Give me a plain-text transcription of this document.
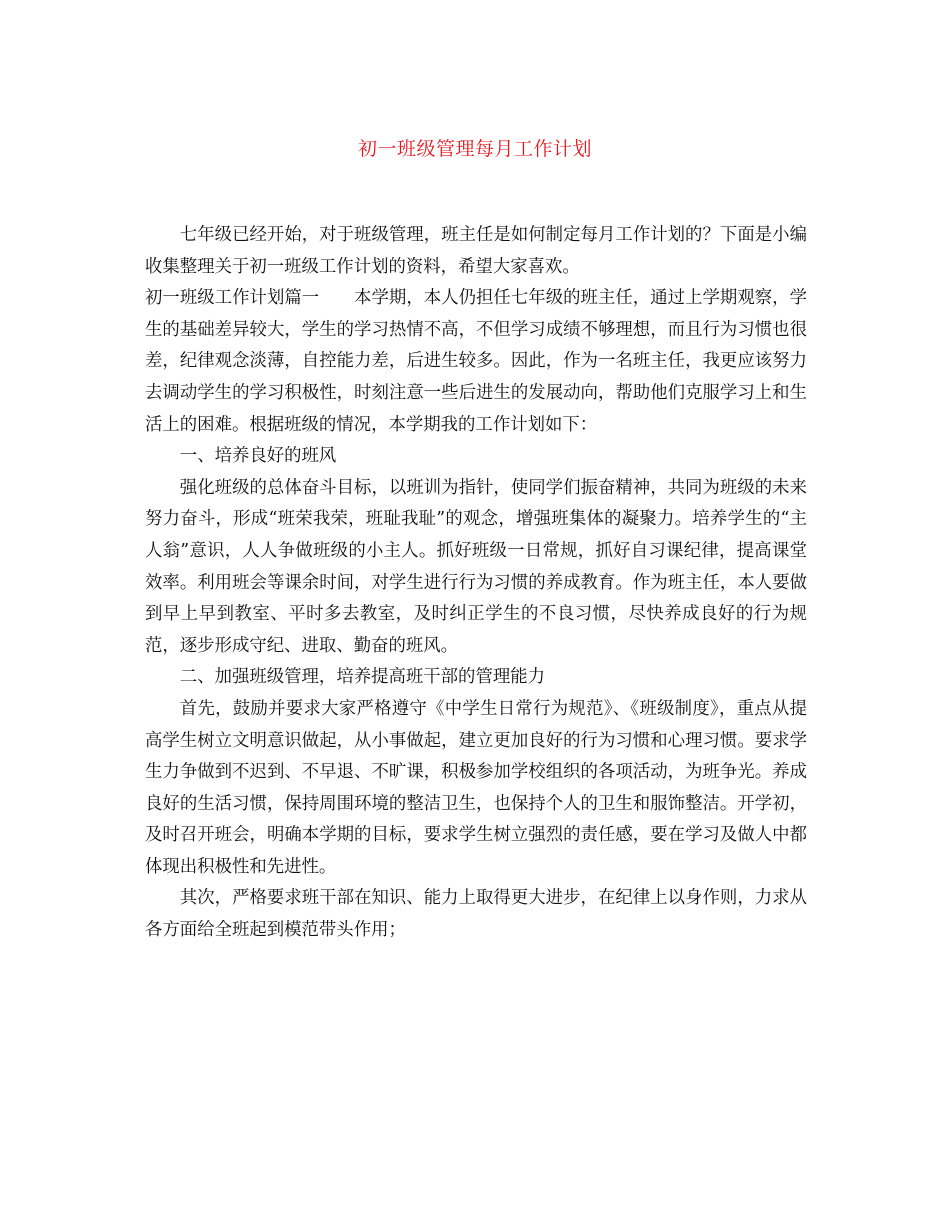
初一班级管理每月工作计划

七年级已经开始，对于班级管理，班主任是如何制定每月工作计划的？下面是小编收集整理关于初一班级工作计划的资料，希望大家喜欢。

初一班级工作计划篇一　　本学期，本人仍担任七年级的班主任，通过上学期观察，学生的基础差异较大，学生的学习热情不高，不但学习成绩不够理想，而且行为习惯也很差，纪律观念淡薄，自控能力差，后进生较多。因此，作为一名班主任，我更应该努力去调动学生的学习积极性，时刻注意一些后进生的发展动向，帮助他们克服学习上和生活上的困难。根据班级的情况，本学期我的工作计划如下：

一、培养良好的班风

强化班级的总体奋斗目标，以班训为指针，使同学们振奋精神，共同为班级的未来努力奋斗，形成“班荣我荣，班耻我耻”的观念，增强班集体的凝聚力。培养学生的“主人翁”意识，人人争做班级的小主人。抓好班级一日常规，抓好自习课纪律，提高课堂效率。利用班会等课余时间，对学生进行行为习惯的养成教育。作为班主任，本人要做到早上早到教室、平时多去教室，及时纠正学生的不良习惯，尽快养成良好的行为规范，逐步形成守纪、进取、勤奋的班风。

二、加强班级管理，培养提高班干部的管理能力

首先，鼓励并要求大家严格遵守《中学生日常行为规范》、《班级制度》，重点从提高学生树立文明意识做起，从小事做起，建立更加良好的行为习惯和心理习惯。要求学生力争做到不迟到、不早退、不旷课，积极参加学校组织的各项活动，为班争光。养成良好的生活习惯，保持周围环境的整洁卫生，也保持个人的卫生和服饰整洁。开学初，及时召开班会，明确本学期的目标，要求学生树立强烈的责任感，要在学习及做人中都体现出积极性和先进性。

其次，严格要求班干部在知识、能力上取得更大进步，在纪律上以身作则，力求从各方面给全班起到模范带头作用；
